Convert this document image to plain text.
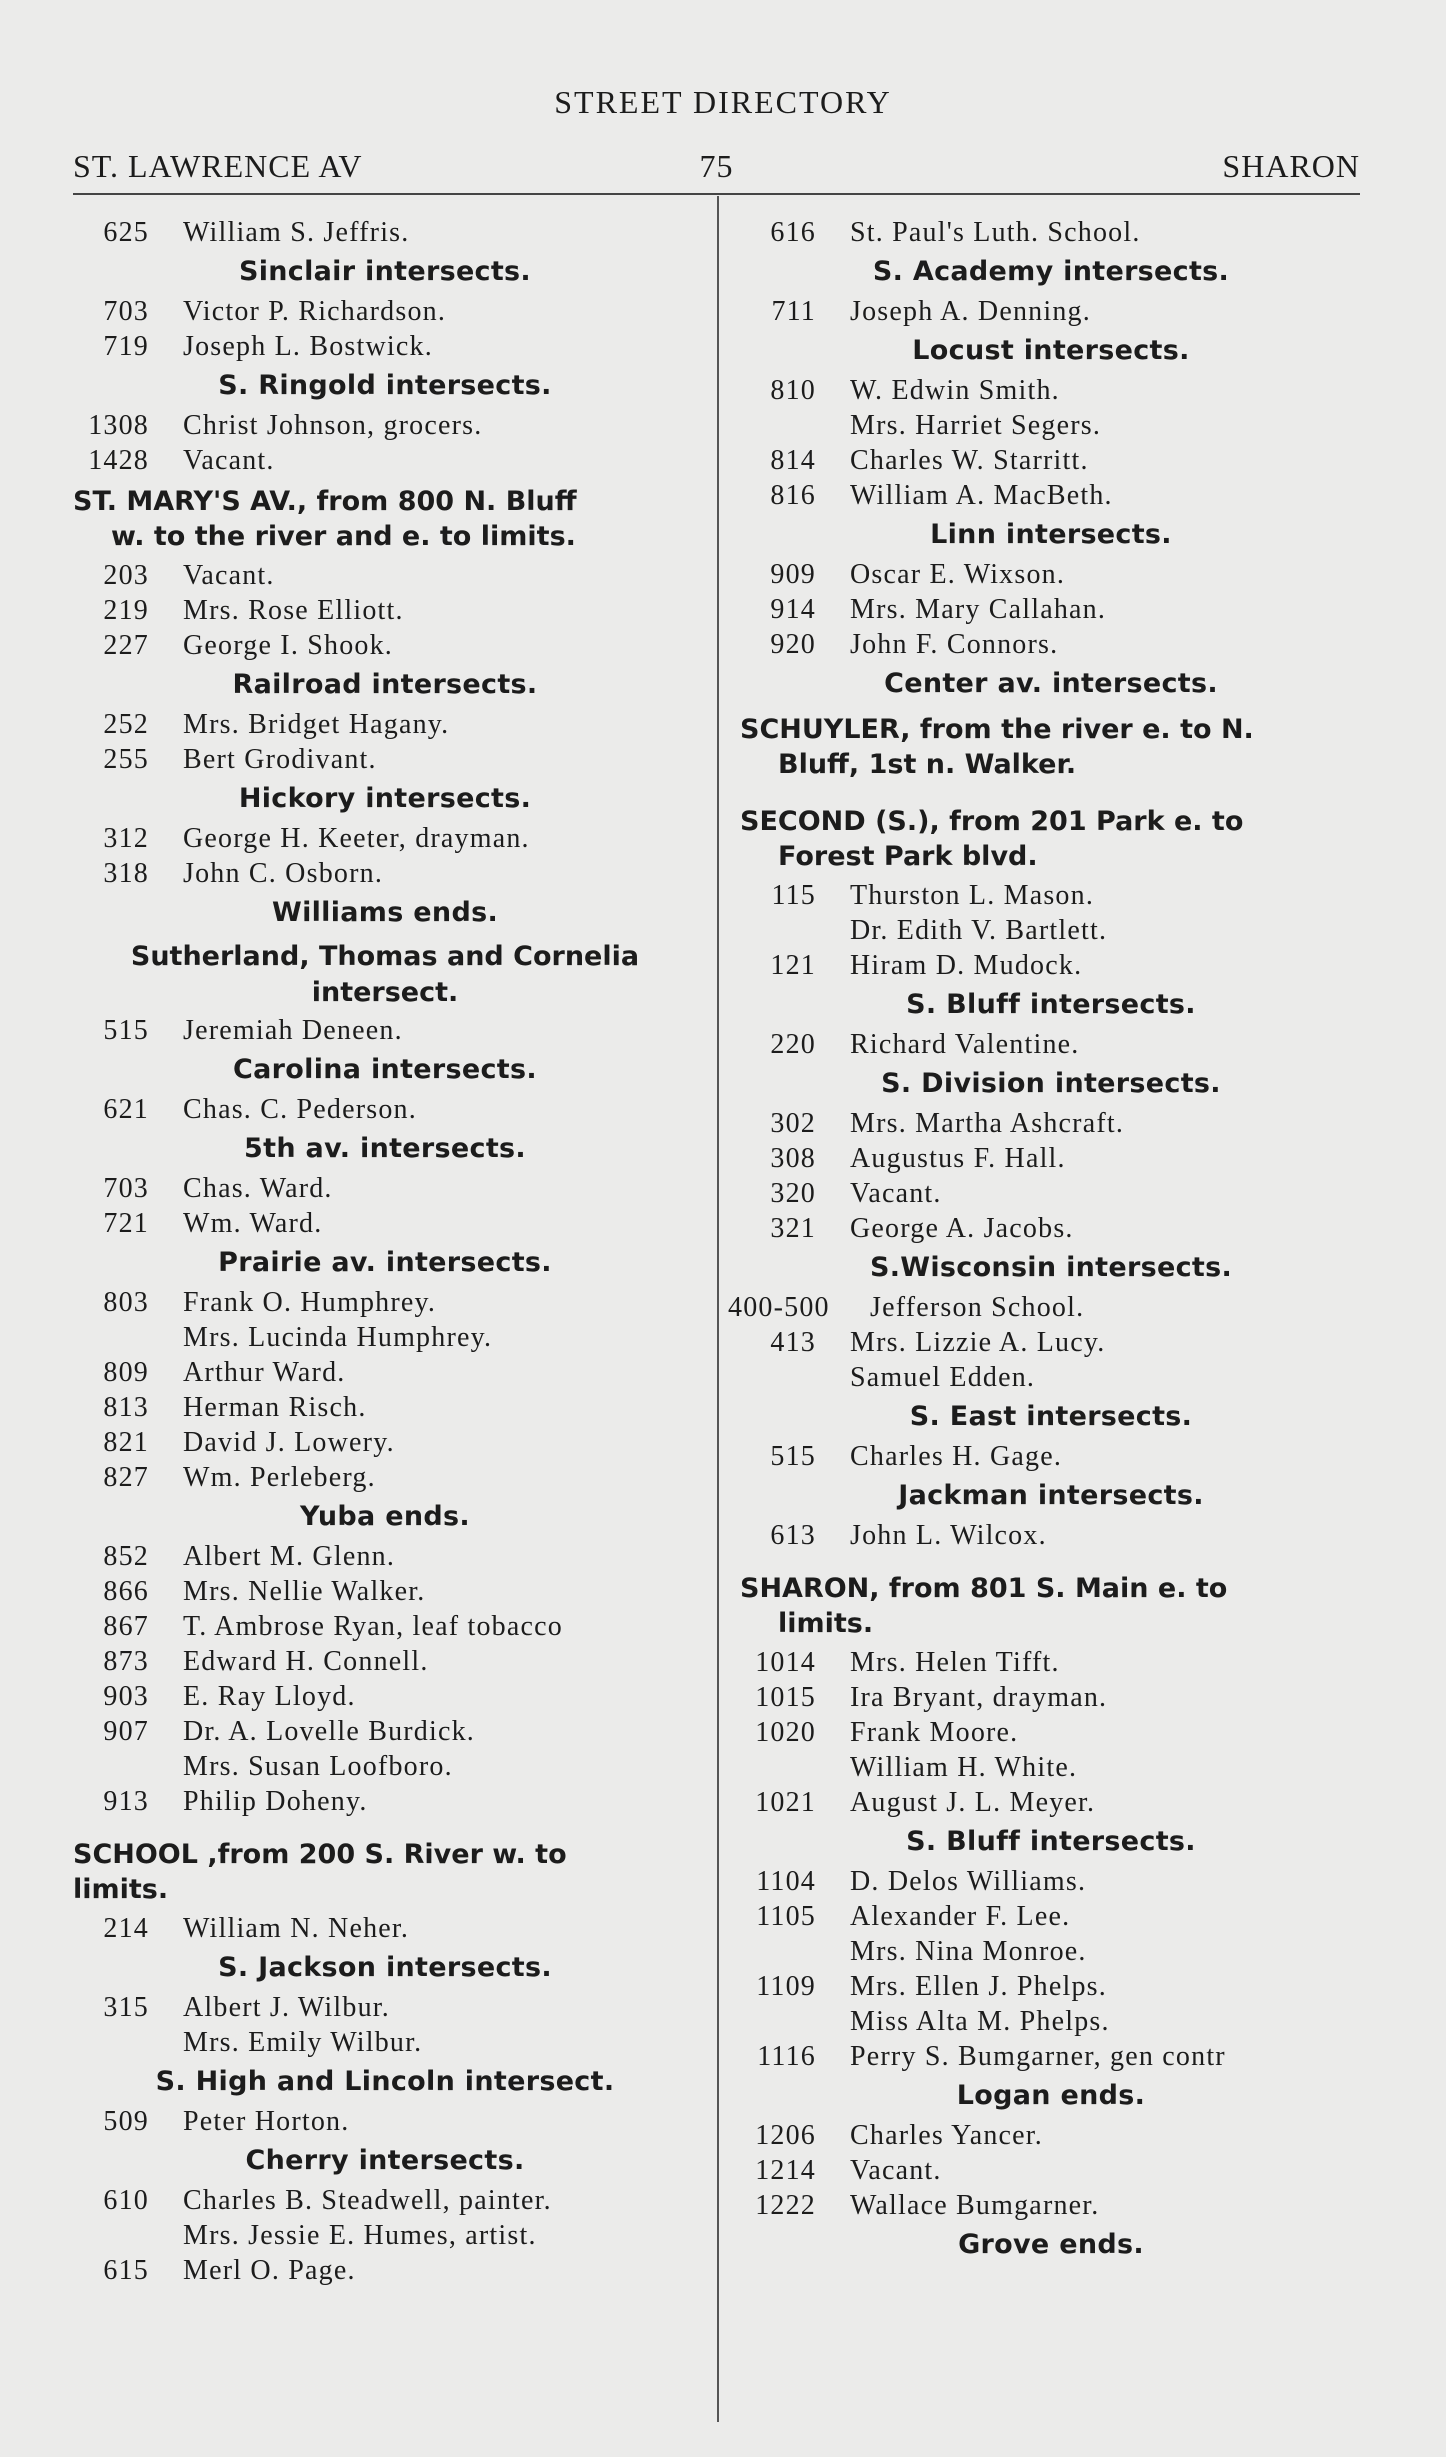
STREET DIRECTORY
ST. LAWRENCE AV	75	SHARON
625 William S. Jeffris.
Sinclair intersects.
703 Victor P. Richardson.
719 Joseph L. Bostwick.
S. Ringold intersects.
1308 Christ Johnson, grocers.
1428 Vacant.
ST. MARY'S AV., from 800 N. Bluff
w. to the river and e. to limits.
203 Vacant.
219 Mrs. Rose Elliott.
227 George I. Shook.
Railroad intersects.
252 Mrs. Bridget Hagany.
255 Bert Grodivant.
Hickory intersects.
312 George H. Keeter, drayman.
318 John C. Osborn.
Williams ends.
Sutherland, Thomas and Cornelia
intersect.
515 Jeremiah Deneen.
Carolina intersects.
621 Chas. C. Pederson.
5th av. intersects.
703 Chas. Ward.
721 Wm. Ward.
Prairie av. intersects.
803 Frank O. Humphrey.
Mrs. Lucinda Humphrey.
809 Arthur Ward.
813 Herman Risch.
821 David J. Lowery.
827 Wm. Perleberg.
Yuba ends.
852 Albert M. Glenn.
866 Mrs. Nellie Walker.
867 T. Ambrose Ryan, leaf tobacco
873 Edward H. Connell.
903 E. Ray Lloyd.
907 Dr. A. Lovelle Burdick.
Mrs. Susan Loofboro.
913 Philip Doheny.
SCHOOL ,from 200 S. River w. to
limits.
214 William N. Neher.
S. Jackson intersects.
315 Albert J. Wilbur.
Mrs. Emily Wilbur.
S. High and Lincoln intersect.
509 Peter Horton.
Cherry intersects.
610 Charles B. Steadwell, painter.
Mrs. Jessie E. Humes, artist.
615 Merl O. Page.
616 St. Paul's Luth. School.
S. Academy intersects.
711 Joseph A. Denning.
Locust intersects.
810 W. Edwin Smith.
Mrs. Harriet Segers.
814 Charles W. Starritt.
816 William A. MacBeth.
Linn intersects.
909 Oscar E. Wixson.
914 Mrs. Mary Callahan.
920 John F. Connors.
Center av. intersects.
SCHUYLER, from the river e. to N.
Bluff, 1st n. Walker.
SECOND (S.), from 201 Park e. to
Forest Park blvd.
115 Thurston L. Mason.
Dr. Edith V. Bartlett.
121 Hiram D. Mudock.
S. Bluff intersects.
220 Richard Valentine.
S. Division intersects.
302 Mrs. Martha Ashcraft.
308 Augustus F. Hall.
320 Vacant.
321 George A. Jacobs.
S.Wisconsin intersects.
400-500 Jefferson School.
413 Mrs. Lizzie A. Lucy.
Samuel Edden.
S. East intersects.
515 Charles H. Gage.
Jackman intersects.
613 John L. Wilcox.
SHARON, from 801 S. Main e. to
limits.
1014 Mrs. Helen Tifft.
1015 Ira Bryant, drayman.
1020 Frank Moore.
William H. White.
1021 August J. L. Meyer.
S. Bluff intersects.
1104 D. Delos Williams.
1105 Alexander F. Lee.
Mrs. Nina Monroe.
1109 Mrs. Ellen J. Phelps.
Miss Alta M. Phelps.
1116 Perry S. Bumgarner, gen contr
Logan ends.
1206 Charles Yancer.
1214 Vacant.
1222 Wallace Bumgarner.
Grove ends.
